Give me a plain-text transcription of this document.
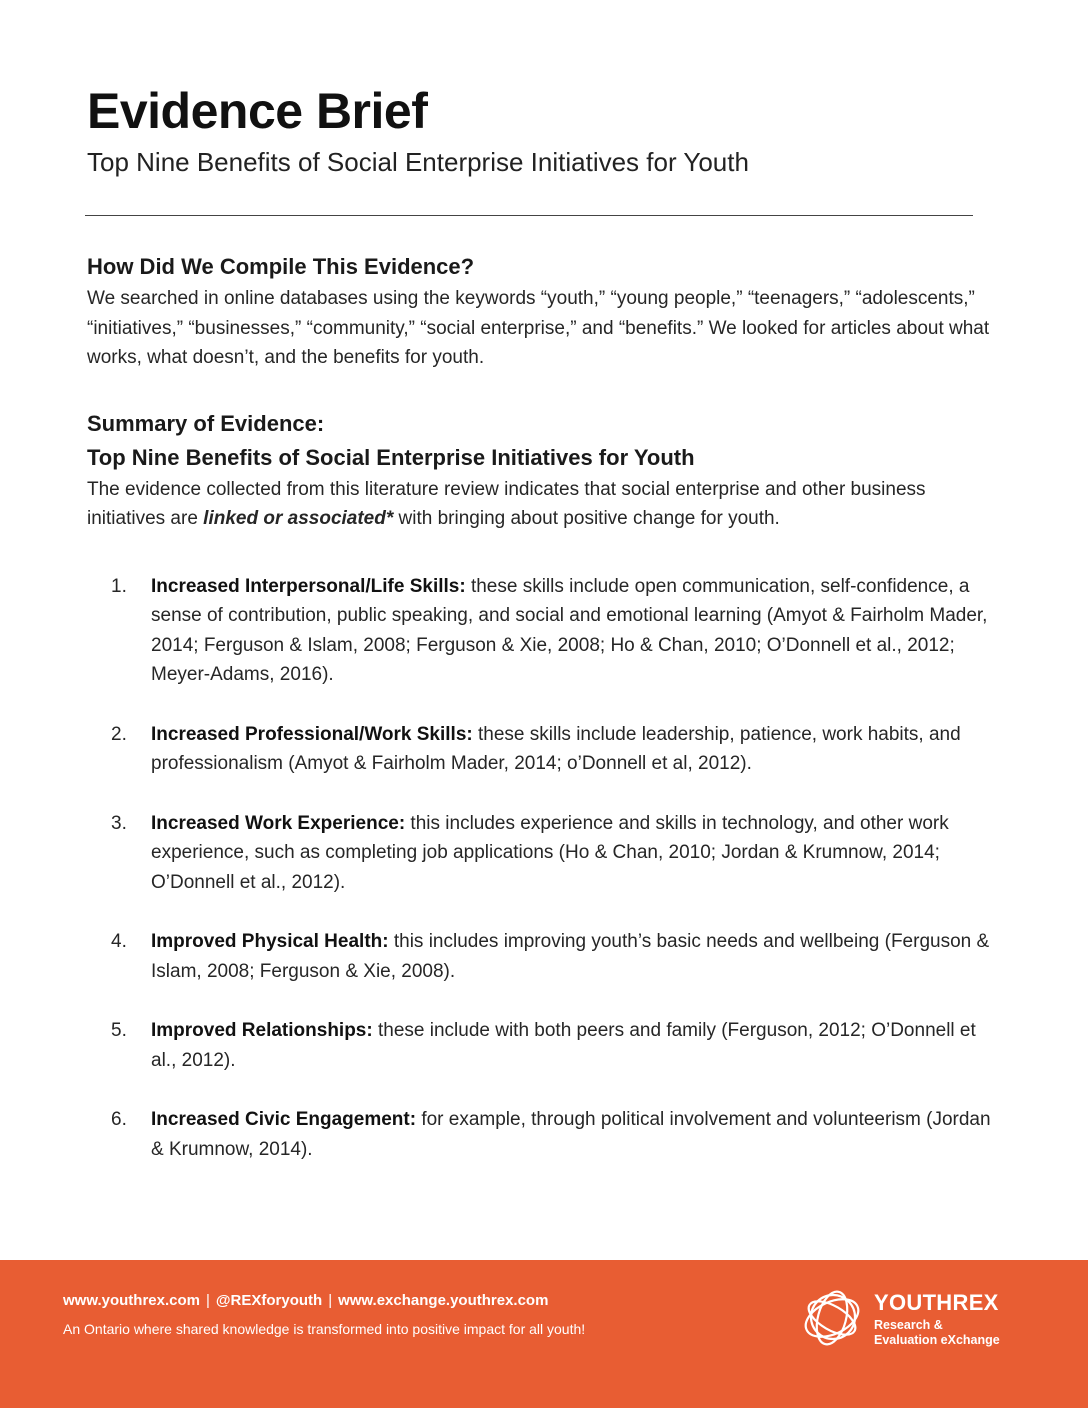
Evidence Brief
Top Nine Benefits of Social Enterprise Initiatives for Youth
How Did We Compile This Evidence?

We searched in online databases using the keywords “youth,” “young people,” “teenagers,” “adolescents,” “initiatives,” “businesses,” “community,” “social enterprise,” and “benefits.” We looked for articles about what works, what doesn’t, and the benefits for youth.

Summary of Evidence:
Top Nine Benefits of Social Enterprise Initiatives for Youth

The evidence collected from this literature review indicates that social enterprise and other business initiatives are linked or associated* with bringing about positive change for youth.

1.	Increased Interpersonal/Life Skills: these skills include open communication, self-confidence, a sense of contribution, public speaking, and social and emotional learning (Amyot & Fairholm Mader, 2014; Ferguson & Islam, 2008; Ferguson & Xie, 2008; Ho & Chan, 2010; O’Donnell et al., 2012; Meyer-Adams, 2016).
2.	Increased Professional/Work Skills: these skills include leadership, patience, work habits, and professionalism (Amyot & Fairholm Mader, 2014; o’Donnell et al, 2012).
3.	Increased Work Experience: this includes experience and skills in technology, and other work experience, such as completing job applications (Ho & Chan, 2010; Jordan & Krumnow, 2014; O’Donnell et al., 2012).
4.	Improved Physical Health: this includes improving youth’s basic needs and wellbeing (Ferguson & Islam, 2008; Ferguson & Xie, 2008).
5.	Improved Relationships: these include with both peers and family (Ferguson, 2012; O’Donnell et al., 2012).
6.	Increased Civic Engagement: for example, through political involvement and volunteerism (Jordan & Krumnow, 2014).
www.youthrex.com | @REXforyouth | www.exchange.youthrex.com
An Ontario where shared knowledge is transformed into positive impact for all youth!
YOUTHREX
Research &
Evaluation eXchange
